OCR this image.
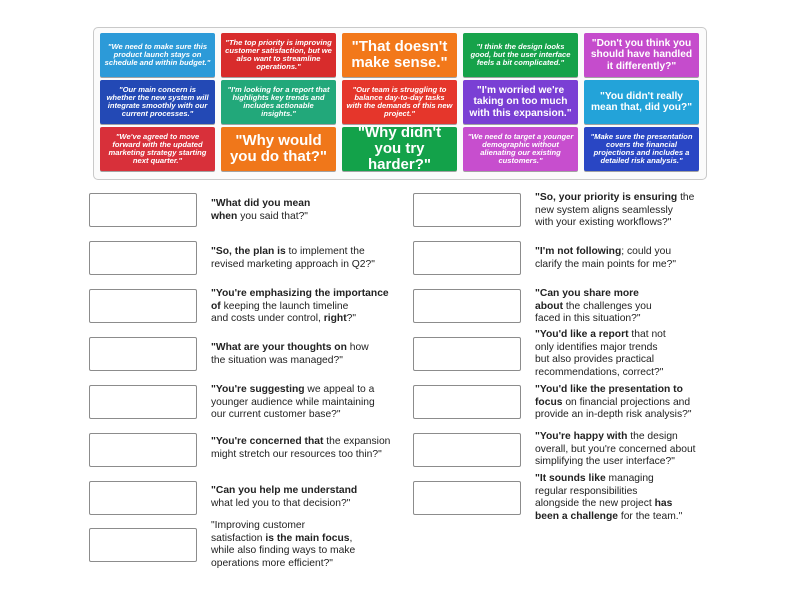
"We need to make sure this product launch stays on schedule and within budget."
"The top priority is improving customer satisfaction, but we also want to streamline operations."
"That doesn't make sense."
"I think the design looks good, but the user interface feels a bit complicated."
"Don't you think you should have handled it differently?"
"Our main concern is whether the new system will integrate smoothly with our current processes."
"I'm looking for a report that highlights key trends and includes actionable insights."
"Our team is struggling to balance day-to-day tasks with the demands of this new project."
"I'm worried we're taking on too much with this expansion."
"You didn't really mean that, did you?"
"We've agreed to move forward with the updated marketing strategy starting next quarter."
"Why would you do that?"
"Why didn't you try harder?"
"We need to target a younger demographic without alienating our existing customers."
"Make sure the presentation covers the financial projections and includes a detailed risk analysis."
"What did you mean
when you said that?"
"So, the plan is to implement the
revised marketing approach in Q2?"
"You're emphasizing the importance
of keeping the launch timeline
and costs under control, right?"
"What are your thoughts on how
the situation was managed?"
"You're suggesting we appeal to a
younger audience while maintaining
our current customer base?"
"You're concerned that the expansion
might stretch our resources too thin?"
"Can you help me understand
what led you to that decision?"
"Improving customer
satisfaction is the main focus,
while also finding ways to make
operations more efficient?"
"So, your priority is ensuring the
new system aligns seamlessly
with your existing workflows?"
"I'm not following; could you
clarify the main points for me?"
"Can you share more
about the challenges you
faced in this situation?"
"You'd like a report that not
only identifies major trends
but also provides practical
recommendations, correct?"
"You'd like the presentation to
focus on financial projections and
provide an in-depth risk analysis?"
"You're happy with the design
overall, but you're concerned about
simplifying the user interface?"
"It sounds like managing
regular responsibilities
alongside the new project has
been a challenge for the team."
